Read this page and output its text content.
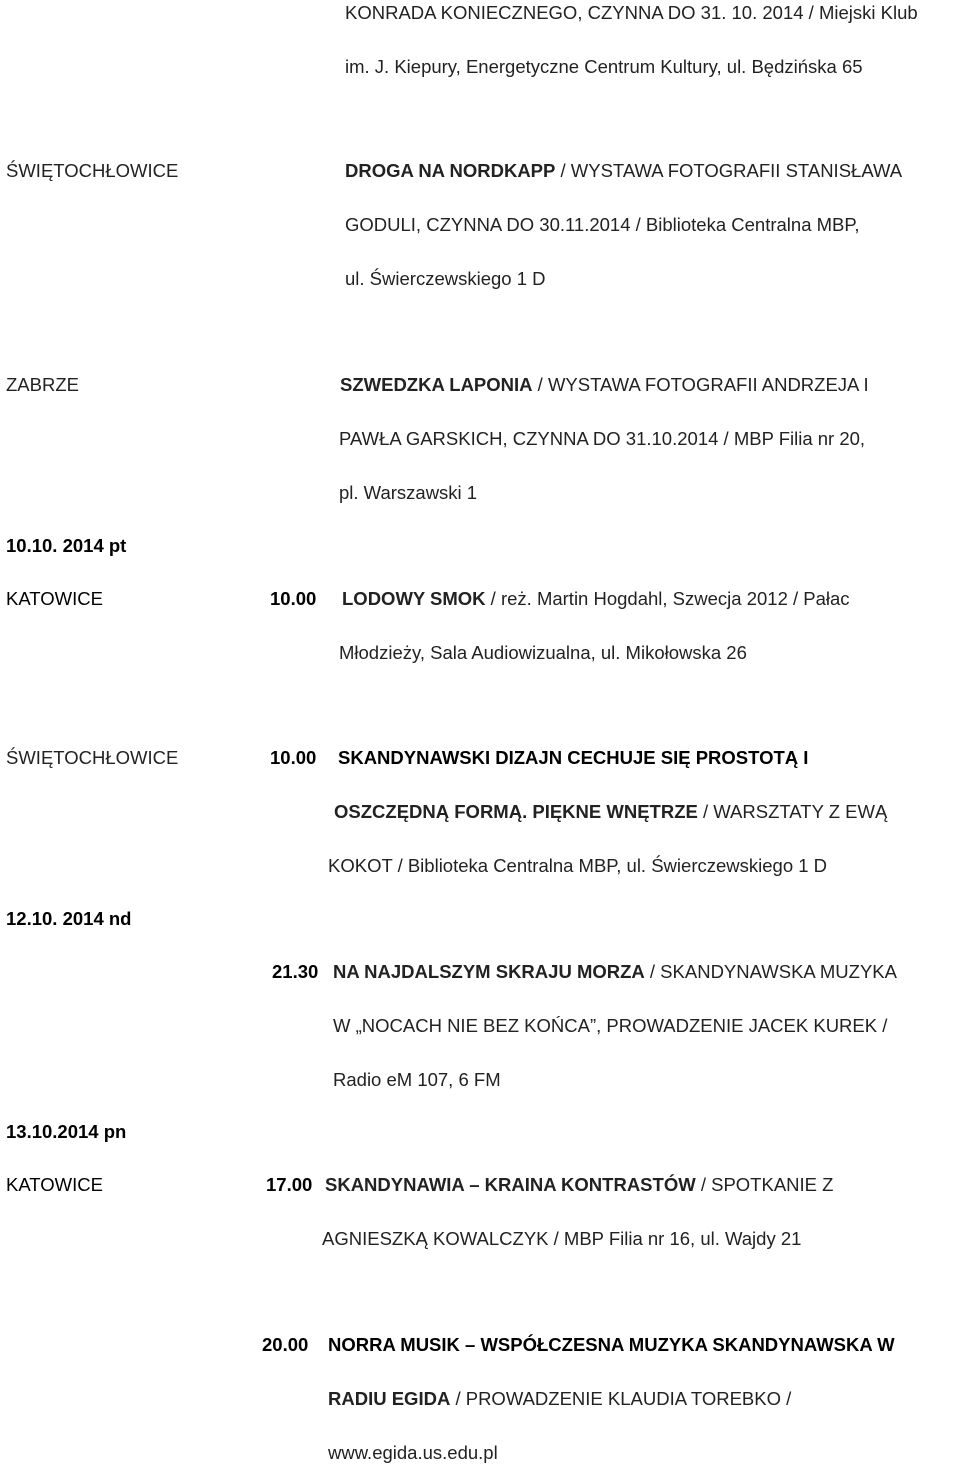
KONRADA KONIECZNEGO, CZYNNA DO 31. 10. 2014 / Miejski Klub
im. J. Kiepury, Energetyczne Centrum Kultury, ul. Będzińska 65
ŚWIĘTOCHŁOWICE	DROGA NA NORDKAPP / WYSTAWA FOTOGRAFII STANISŁAWA
GODULI, CZYNNA DO 30.11.2014 / Biblioteka Centralna MBP,
ul. Świerczewskiego 1 D
ZABRZE	SZWEDZKA LAPONIA / WYSTAWA FOTOGRAFII ANDRZEJA I
PAWŁA GARSKICH, CZYNNA DO 31.10.2014 / MBP Filia nr 20,
pl. Warszawski 1
10.10. 2014 pt
KATOWICE	10.00 LODOWY SMOK / reż. Martin Hogdahl, Szwecja 2012 / Pałac
Młodzieży, Sala Audiowizualna, ul. Mikołowska 26
ŚWIĘTOCHŁOWICE	10.00 SKANDYNAWSKI DIZAJN CECHUJE SIĘ PROSTOTĄ I
OSZCZĘDNĄ FORMĄ. PIĘKNE WNĘTRZE / WARSZTATY Z EWĄ
KOKOT / Biblioteka Centralna MBP, ul. Świerczewskiego 1 D
12.10. 2014 nd
21.30 NA NAJDALSZYM SKRAJU MORZA / SKANDYNAWSKA MUZYKA
W „NOCACH NIE BEZ KOŃCA”, PROWADZENIE JACEK KUREK /
Radio eM 107, 6 FM
13.10.2014 pn
KATOWICE	17.00 SKANDYNAWIA – KRAINA KONTRASTÓW / SPOTKANIE Z
AGNIESZKĄ KOWALCZYK / MBP Filia nr 16, ul. Wajdy 21
20.00 NORRA MUSIK – WSPÓŁCZESNA MUZYKA SKANDYNAWSKA W
RADIU EGIDA / PROWADZENIE KLAUDIA TOREBKO /
www.egida.us.edu.pl
